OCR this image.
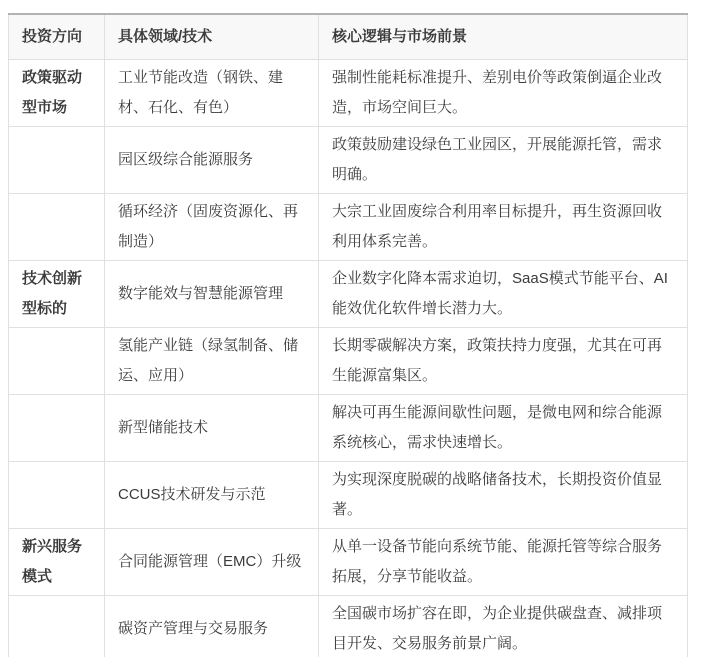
投资方向	具体领域/技术	核心逻辑与市场前景
政策驱动型市场	工业节能改造（钢铁、建材、石化、有色）	强制性能耗标准提升、差别电价等政策倒逼企业改造，市场空间巨大。
	园区级综合能源服务	政策鼓励建设绿色工业园区，开展能源托管，需求明确。
	循环经济（固废资源化、再制造）	大宗工业固废综合利用率目标提升，再生资源回收利用体系完善。
技术创新型标的	数字能效与智慧能源管理	企业数字化降本需求迫切，SaaS模式节能平台、AI能效优化软件增长潜力大。
	氢能产业链（绿氢制备、储运、应用）	长期零碳解决方案，政策扶持力度强，尤其在可再生能源富集区。
	新型储能技术	解决可再生能源间歇性问题，是微电网和综合能源系统核心，需求快速增长。
	CCUS技术研发与示范	为实现深度脱碳的战略储备技术，长期投资价值显著。
新兴服务模式	合同能源管理（EMC）升级	从单一设备节能向系统节能、能源托管等综合服务拓展，分享节能收益。
	碳资产管理与交易服务	全国碳市场扩容在即，为企业提供碳盘查、减排项目开发、交易服务前景广阔。
